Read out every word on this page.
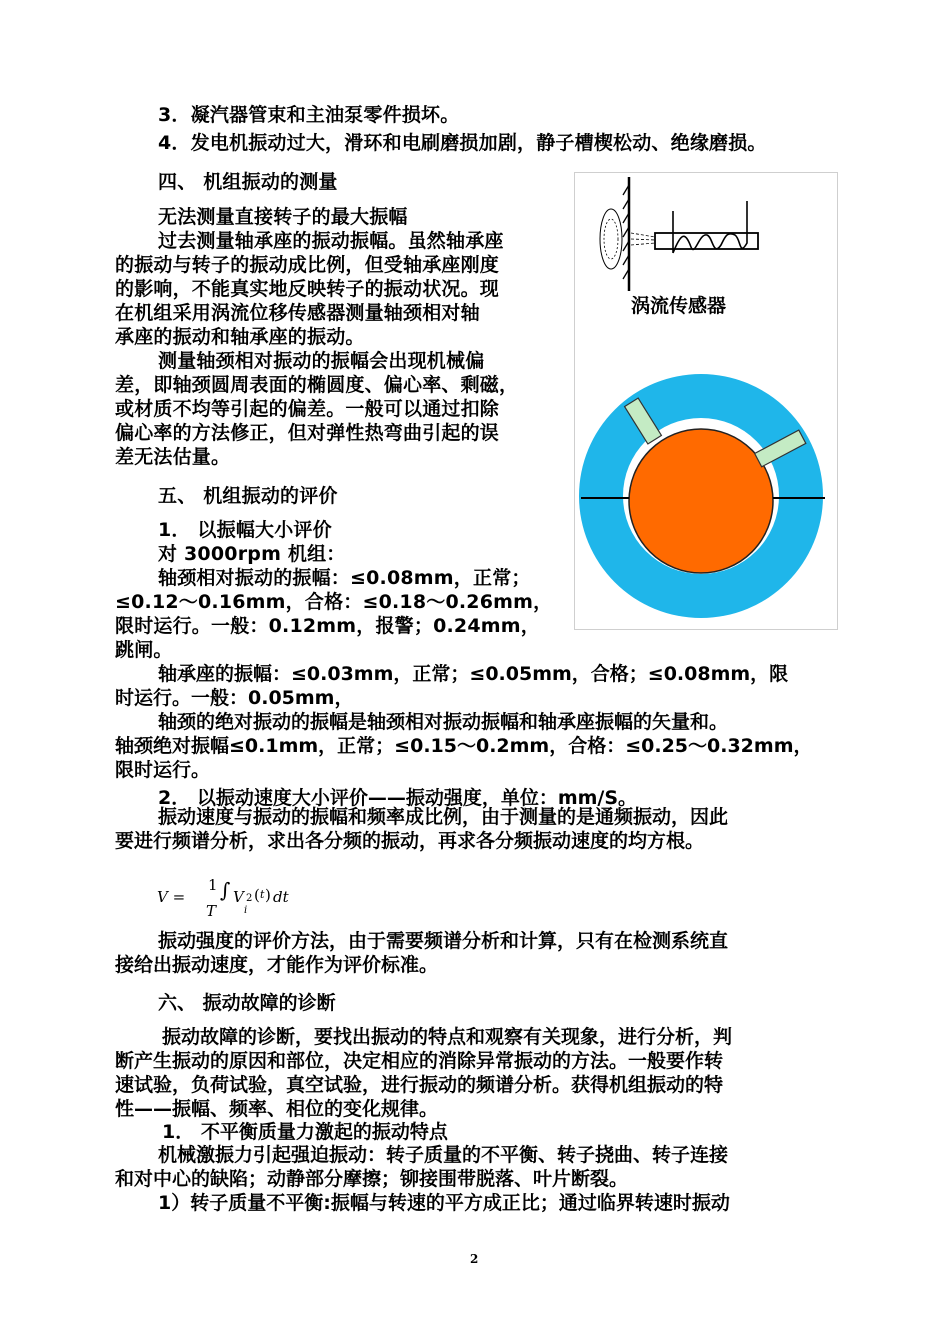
3．凝汽器管束和主油泵零件损坏。
4．发电机振动过大，滑环和电刷磨损加剧，静子槽楔松动、绝缘磨损。
四、 机组振动的测量
无法测量直接转子的最大振幅
过去测量轴承座的振动振幅。虽然轴承座
的振动与转子的振动成比例，但受轴承座刚度
的影响，不能真实地反映转子的振动状况。现
在机组采用涡流位移传感器测量轴颈相对轴
承座的振动和轴承座的振动。
测量轴颈相对振动的振幅会出现机械偏
差，即轴颈圆周表面的椭圆度、偏心率、剩磁，
或材质不均等引起的偏差。一般可以通过扣除
偏心率的方法修正，但对弹性热弯曲引起的误
差无法估量。
五、 机组振动的评价
1． 以振幅大小评价
对 3000rpm 机组：
轴颈相对振动的振幅：≤0.08mm，正常；
≤0.12～0.16mm，合格：≤0.18～0.26mm，
限时运行。一般：0.12mm，报警；0.24mm，
跳闸。
轴承座的振幅：≤0.03mm，正常；≤0.05mm，合格；≤0.08mm，限
时运行。一般：0.05mm，
轴颈的绝对振动的振幅是轴颈相对振动振幅和轴承座振幅的矢量和。
轴颈绝对振幅≤0.1mm，正常；≤0.15～0.2mm，合格：≤0.25～0.32mm，
限时运行。
2． 以振动速度大小评价——振动强度，单位：mm/S。
振动速度与振动的振幅和频率成比例，由于测量的是通频振动，因此
要进行频谱分析，求出各分频的振动，再求各分频振动速度的均方根。
振动强度的评价方法，由于需要频谱分析和计算，只有在检测系统直
接给出振动速度，才能作为评价标准。
六、 振动故障的诊断
振动故障的诊断，要找出振动的特点和观察有关现象，进行分析，判
断产生振动的原因和部位，决定相应的消除异常振动的方法。一般要作转
速试验，负荷试验，真空试验，进行振动的频谱分析。获得机组振动的特
性——振幅、频率、相位的变化规律。
1． 不平衡质量力激起的振动特点
机械激振力引起强迫振动：转子质量的不平衡、转子挠曲、转子连接
和对中心的缺陷；动静部分摩擦；铆接围带脱落、叶片断裂。
1）转子质量不平衡:振幅与转速的平方成正比；通过临界转速时振动
V =
1
T
∫ V 2
i
( t ) dt
涡流传感器
2
